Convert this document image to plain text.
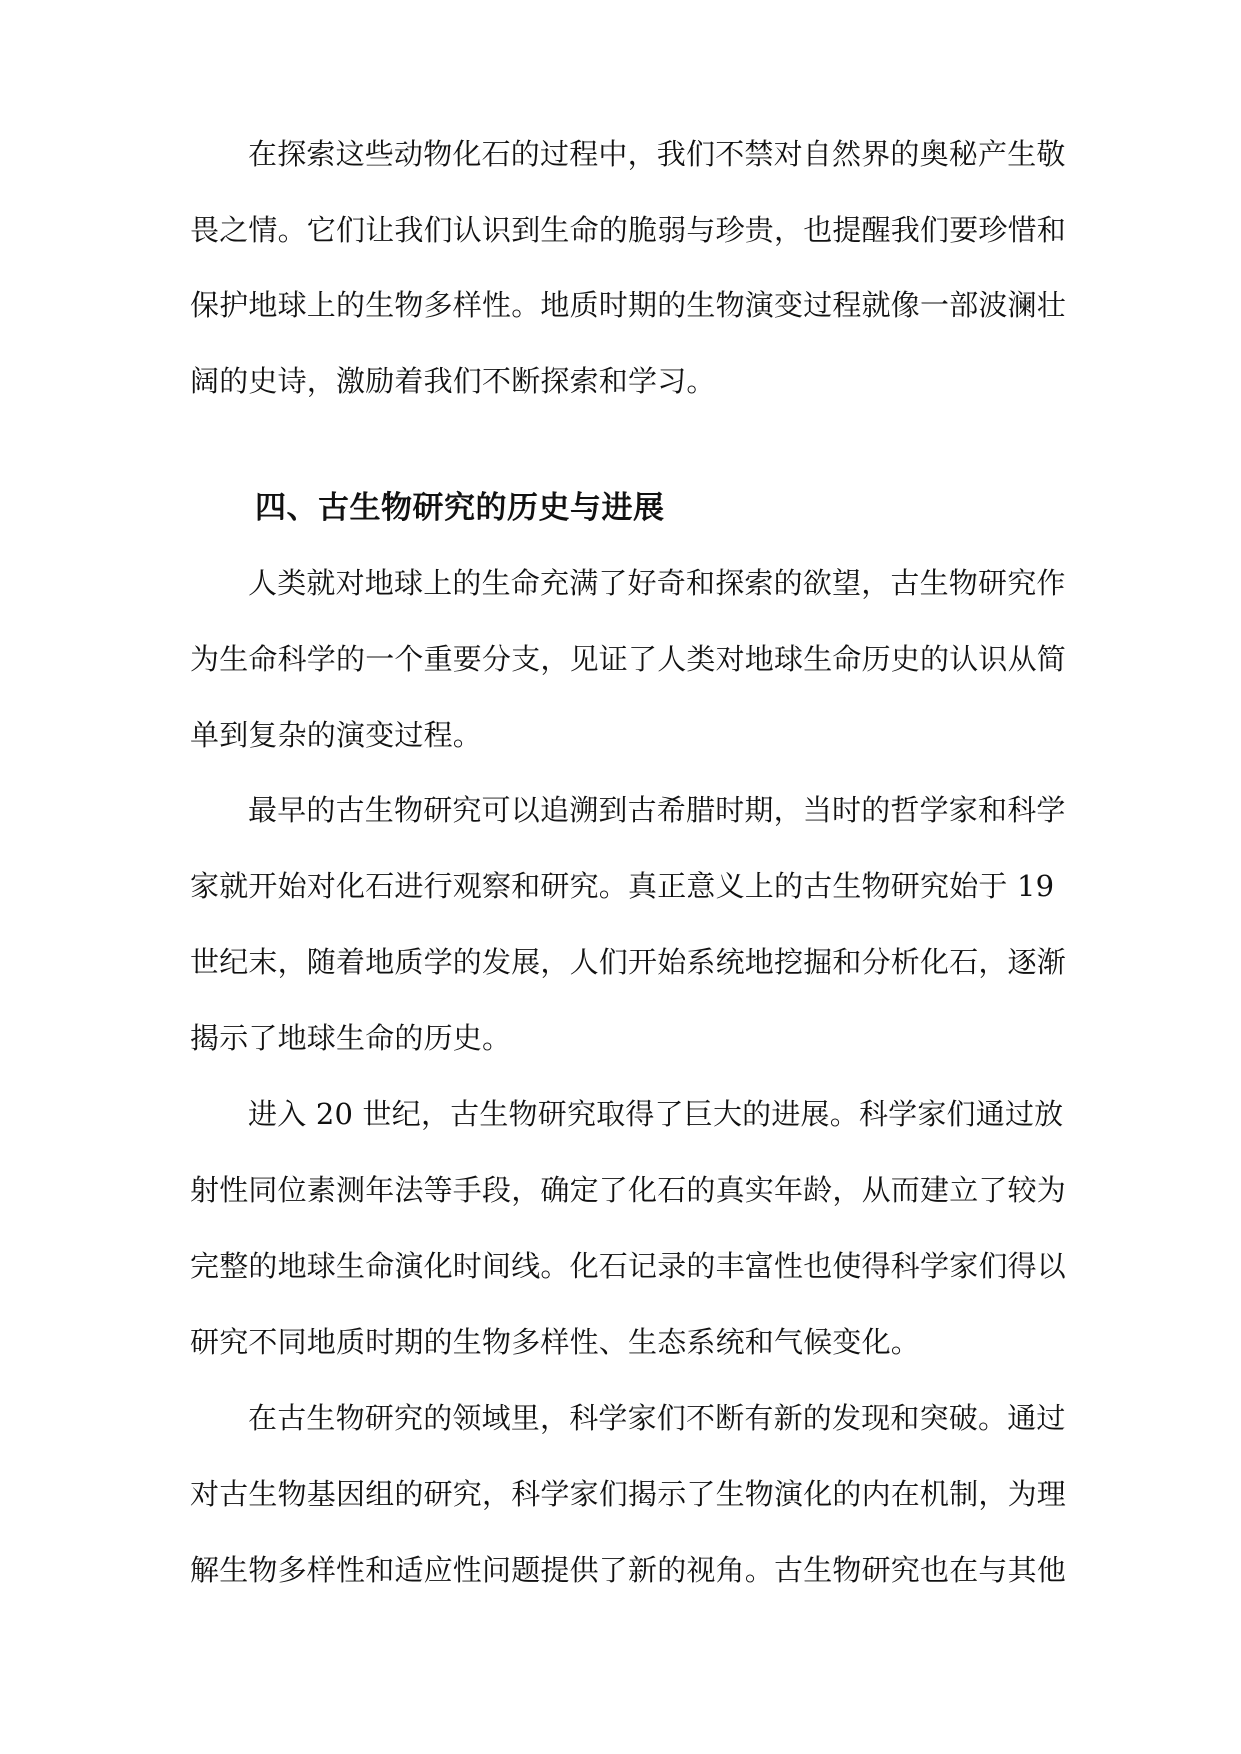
在探索这些动物化石的过程中，我们不禁对自然界的奥秘产生敬
畏之情。它们让我们认识到生命的脆弱与珍贵，也提醒我们要珍惜和
保护地球上的生物多样性。地质时期的生物演变过程就像一部波澜壮
阔的史诗，激励着我们不断探索和学习。
四、古生物研究的历史与进展
人类就对地球上的生命充满了好奇和探索的欲望，古生物研究作
为生命科学的一个重要分支，见证了人类对地球生命历史的认识从简
单到复杂的演变过程。
最早的古生物研究可以追溯到古希腊时期，当时的哲学家和科学
家就开始对化石进行观察和研究。真正意义上的古生物研究始于 19
世纪末，随着地质学的发展，人们开始系统地挖掘和分析化石，逐渐
揭示了地球生命的历史。
进入 20 世纪，古生物研究取得了巨大的进展。科学家们通过放
射性同位素测年法等手段，确定了化石的真实年龄，从而建立了较为
完整的地球生命演化时间线。化石记录的丰富性也使得科学家们得以
研究不同地质时期的生物多样性、生态系统和气候变化。
在古生物研究的领域里，科学家们不断有新的发现和突破。通过
对古生物基因组的研究，科学家们揭示了生物演化的内在机制，为理
解生物多样性和适应性问题提供了新的视角。古生物研究也在与其他
